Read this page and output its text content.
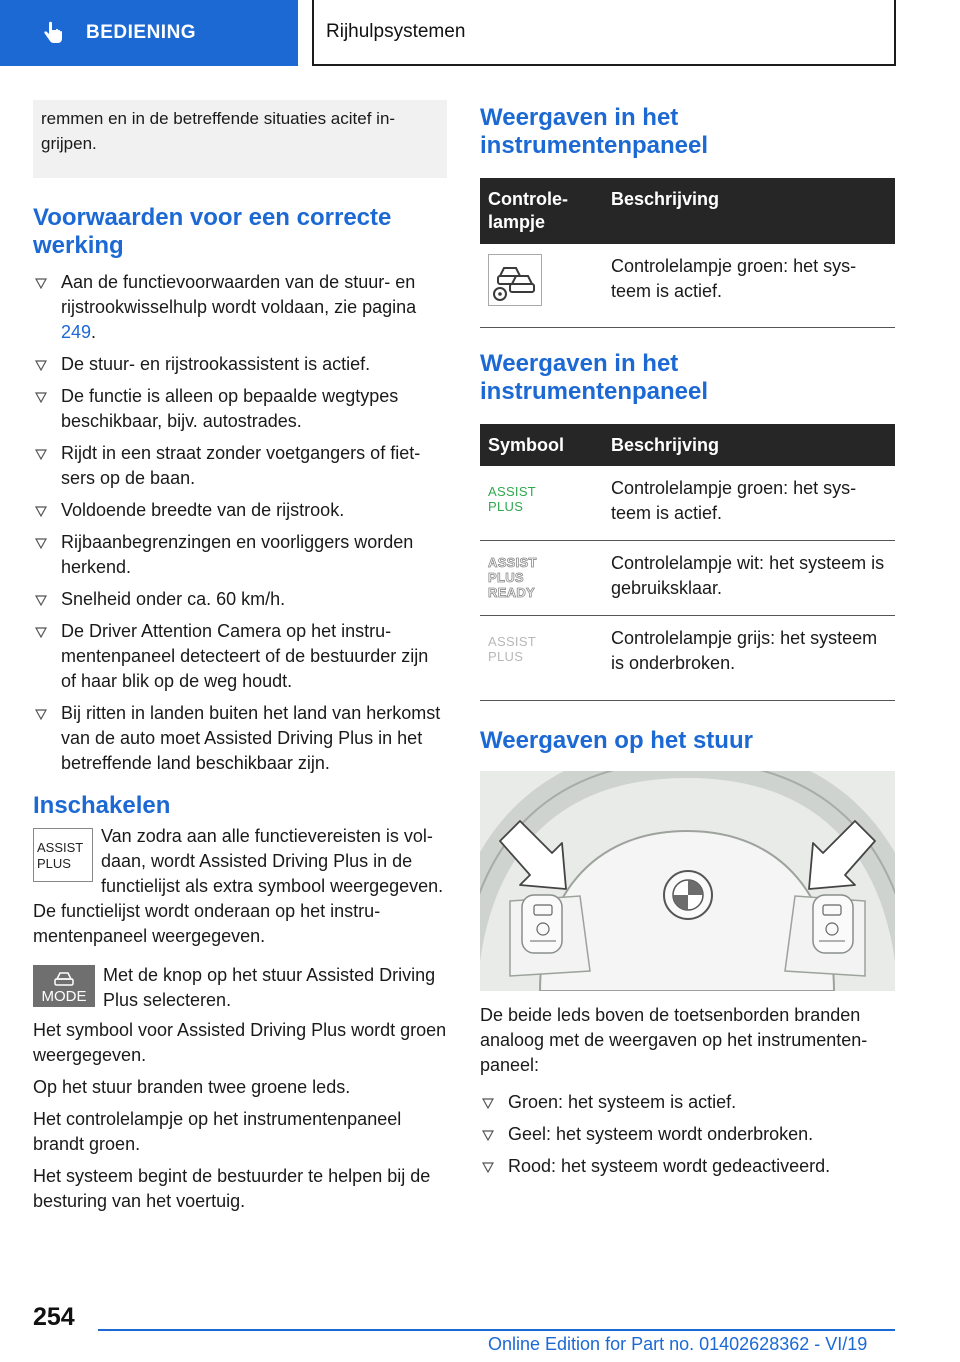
BEDIENING	Rijhulpsystemen
remmen en in de betreffende situaties acitef ingrijpen.
Voorwaarden voor een correcte werking
Aan de functievoorwaarden van de stuur- en rijstrookwisselhulp wordt voldaan, zie pagina 249.
De stuur- en rijstrookassistent is actief.
De functie is alleen op bepaalde wegtypes beschikbaar, bijv. autostrades.
Rijdt in een straat zonder voetgangers of fietsers op de baan.
Voldoende breedte van de rijstrook.
Rijbaanbegrenzingen en voorliggers worden herkend.
Snelheid onder ca. 60 km/h.
De Driver Attention Camera op het instrumentenpaneel detecteert of de bestuurder zijn of haar blik op de weg houdt.
Bij ritten in landen buiten het land van herkomst van de auto moet Assisted Driving Plus in het betreffende land beschikbaar zijn.
Inschakelen
ASSIST
PLUS
Van zodra aan alle functievereisten is voldaan, wordt Assisted Driving Plus in de functielijst als extra symbool weergegeven. De functielijst wordt onderaan op het instrumentenpaneel weergegeven.
MODE
Met de knop op het stuur Assisted Driving Plus selecteren.

Het symbool voor Assisted Driving Plus wordt groen weergegeven.

Op het stuur branden twee groene leds.

Het controlelampje op het instrumentenpaneel brandt groen.

Het systeem begint de bestuurder te helpen bij de besturing van het voertuig.

Weergaven in het instrumentenpaneel
Controlelampje	Beschrijving
	Controlelampje groen: het systeem is actief.
Weergaven in het instrumentenpaneel
Symbool	Beschrijving

ASSIST
PLUS	Controlelampje groen: het systeem is actief.

ASSIST
PLUS
READY	Controlelampje wit: het systeem is gebruiksklaar.

ASSIST
PLUS	Controlelampje grijs: het systeem is onderbroken.
Weergaven op het stuur

De beide leds boven de toetsenborden branden analoog met de weergaven op het instrumentenpaneel:

Groen: het systeem is actief.
Geel: het systeem wordt onderbroken.
Rood: het systeem wordt gedeactiveerd.
254
Online Edition for Part no. 01402628362 - VI/19
